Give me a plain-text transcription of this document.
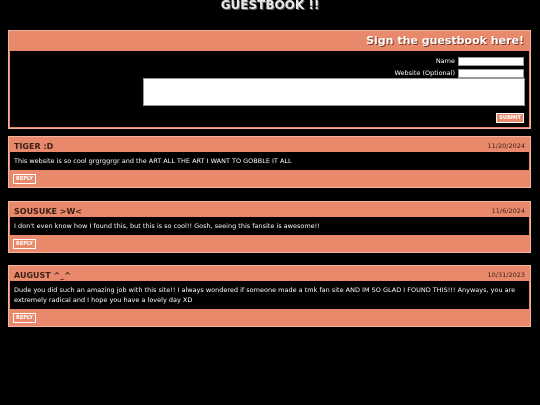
GUESTBOOK !!
Sign the guestbook here!
Name
Website (Optional)
SUBMIT
TIGER :D	11/20/2024
This website is so cool grgrggrgr and the ART ALL THE ART I WANT TO GOBBLE IT ALL
REPLY
SOUSUKE >W<	11/6/2024
I don't even know how I found this, but this is so cool!! Gosh, seeing this fansite is awesome!!
REPLY
AUGUST ^_^	10/31/2023
Dude you did such an amazing job with this site!! I always wondered if someone made a tmk fan site AND IM SO GLAD I FOUND THIS!!! Anyways, you are extremely radical and I hope you have a lovely day XD
REPLY
